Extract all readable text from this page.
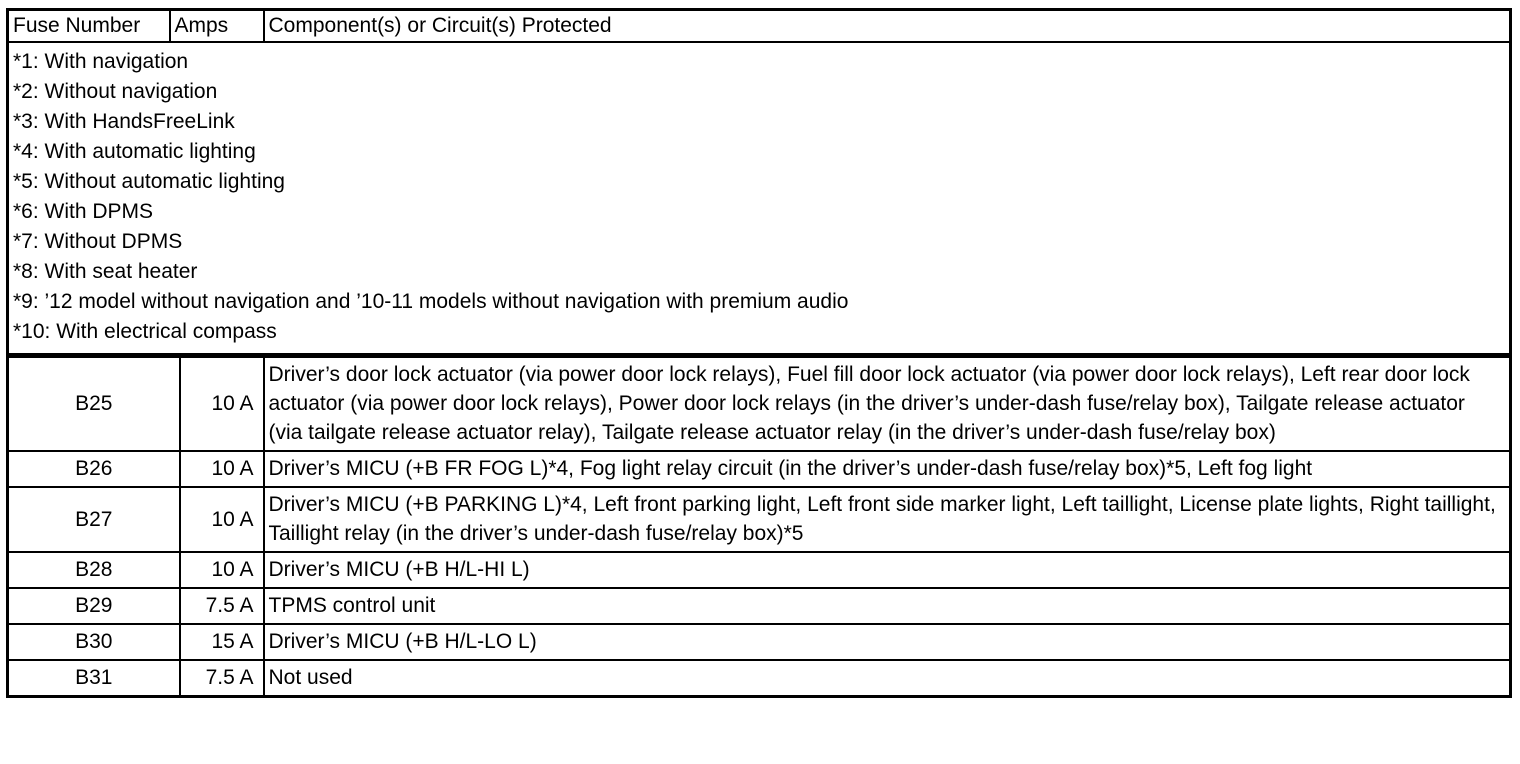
Fuse Number	Amps	Component(s) or Circuit(s) Protected

*1: With navigation
*2: Without navigation
*3: With HandsFreeLink
*4: With automatic lighting
*5: Without automatic lighting
*6: With DPMS
*7: Without DPMS
*8: With seat heater
*9: ’12 model without navigation and ’10-11 models without navigation with premium audio
*10: With electrical compass
B25	10 A	Driver’s door lock actuator (via power door lock relays), Fuel fill door lock actuator (via power door lock relays), Left rear door lock actuator (via power door lock relays), Power door lock relays (in the driver’s under-dash fuse/relay box), Tailgate release actuator (via tailgate release actuator relay), Tailgate release actuator relay (in the driver’s under-dash fuse/relay box)
B26	10 A	Driver’s MICU (+B FR FOG L)*4, Fog light relay circuit (in the driver’s under-dash fuse/relay box)*5, Left fog light
B27	10 A	Driver’s MICU (+B PARKING L)*4, Left front parking light, Left front side marker light, Left taillight, License plate lights, Right taillight, Taillight relay (in the driver’s under-dash fuse/relay box)*5
B28	10 A	Driver’s MICU (+B H/L-HI L)
B29	7.5 A	TPMS control unit
B30	15 A	Driver’s MICU (+B H/L-LO L)
B31	7.5 A	Not used
